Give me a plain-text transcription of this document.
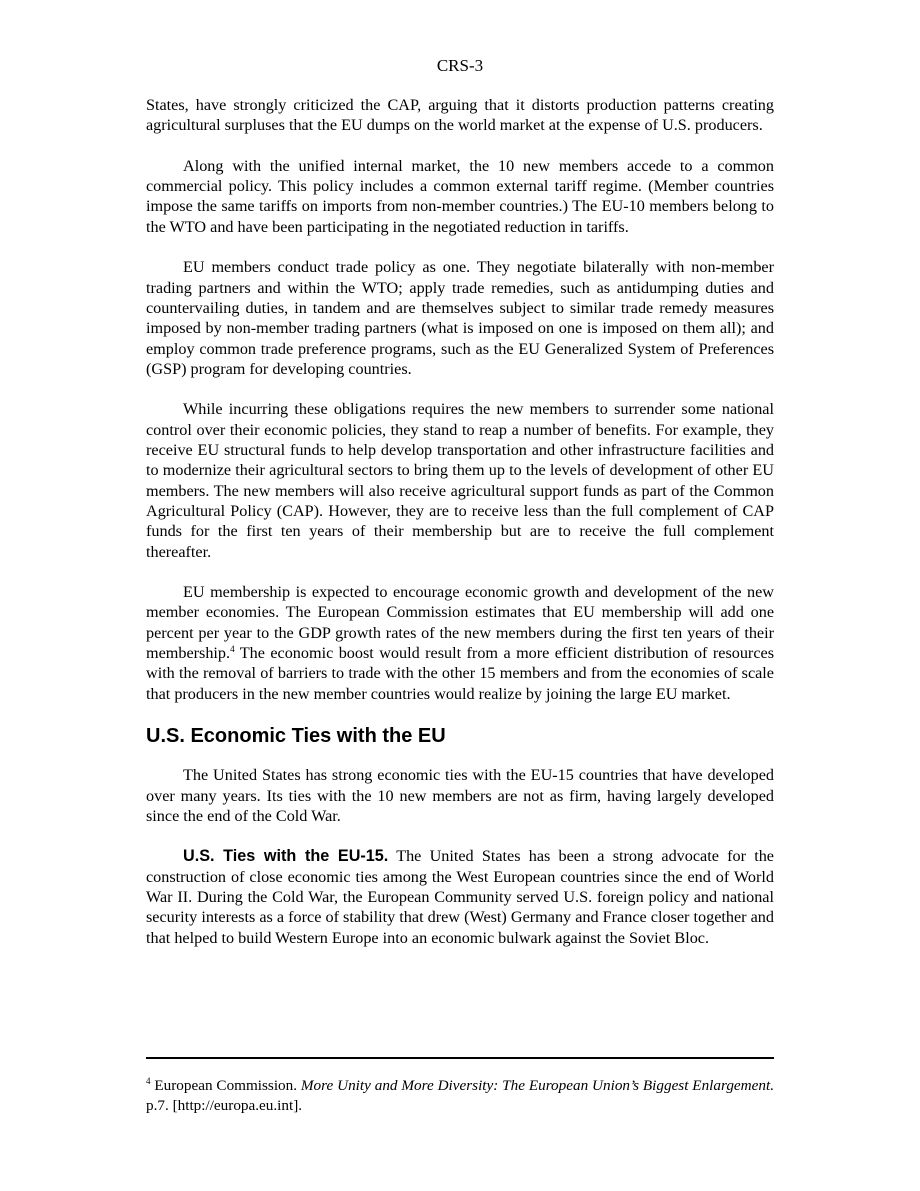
CRS-3

States, have strongly criticized the CAP, arguing that it distorts production patterns creating agricultural surpluses that the EU dumps on the world market at the expense of U.S. producers.

Along with the unified internal market, the 10 new members accede to a common commercial policy. This policy includes a common external tariff regime. (Member countries impose the same tariffs on imports from non-member countries.) The EU-10 members belong to the WTO and have been participating in the negotiated reduction in tariffs.

EU members conduct trade policy as one. They negotiate bilaterally with non-member trading partners and within the WTO; apply trade remedies, such as antidumping duties and countervailing duties, in tandem and are themselves subject to similar trade remedy measures imposed by non-member trading partners (what is imposed on one is imposed on them all); and employ common trade preference programs, such as the EU Generalized System of Preferences (GSP) program for developing countries.

While incurring these obligations requires the new members to surrender some national control over their economic policies, they stand to reap a number of benefits. For example, they receive EU structural funds to help develop transportation and other infrastructure facilities and to modernize their agricultural sectors to bring them up to the levels of development of other EU members. The new members will also receive agricultural support funds as part of the Common Agricultural Policy (CAP). However, they are to receive less than the full complement of CAP funds for the first ten years of their membership but are to receive the full complement thereafter.

EU membership is expected to encourage economic growth and development of the new member economies. The European Commission estimates that EU membership will add one percent per year to the GDP growth rates of the new members during the first ten years of their membership.$^4$ The economic boost would result from a more efficient distribution of resources with the removal of barriers to trade with the other 15 members and from the economies of scale that producers in the new member countries would realize by joining the large EU market.

U.S. Economic Ties with the EU

The United States has strong economic ties with the EU-15 countries that have developed over many years. Its ties with the 10 new members are not as firm, having largely developed since the end of the Cold War.

U.S. Ties with the EU-15. The United States has been a strong advocate for the construction of close economic ties among the West European countries since the end of World War II. During the Cold War, the European Community served U.S. foreign policy and national security interests as a force of stability that drew (West) Germany and France closer together and that helped to build Western Europe into an economic bulwark against the Soviet Bloc.

$^4$ European Commission. More Unity and More Diversity: The European Union’s Biggest Enlargement. p.7. [http://europa.eu.int].
